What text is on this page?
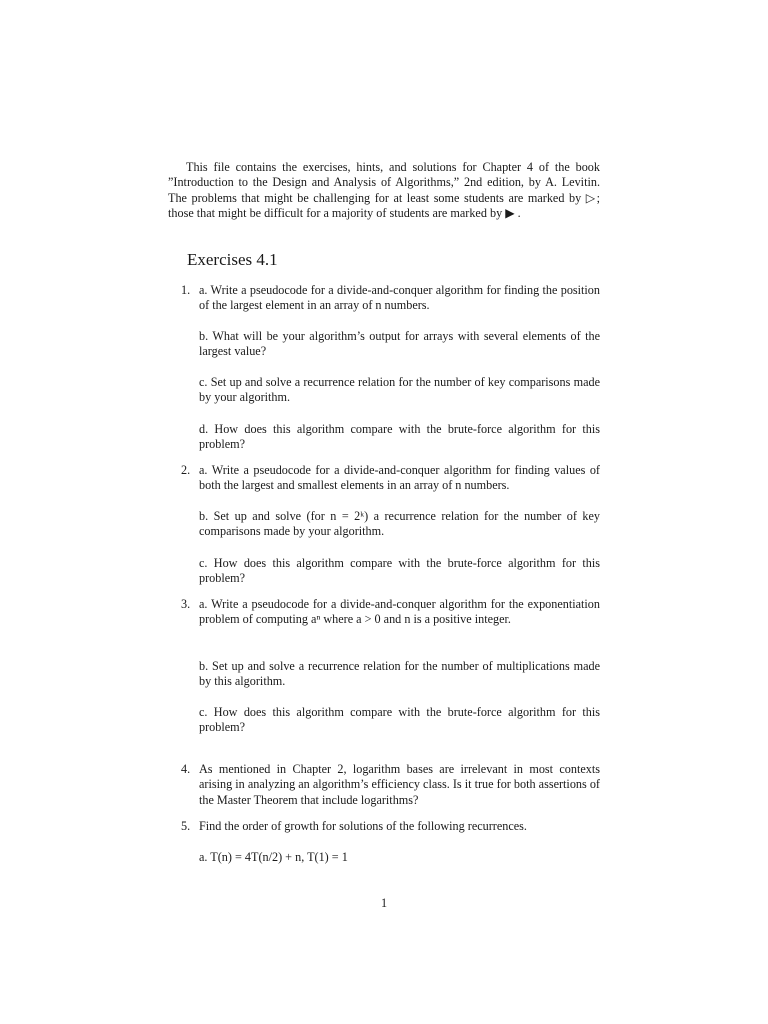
This file contains the exercises, hints, and solutions for Chapter 4 of the book ”Introduction to the Design and Analysis of Algorithms,” 2nd edition, by A. Levitin. The problems that might be challenging for at least some students are marked by ▷; those that might be difficult for a majority of students are marked by ▶ .

Exercises 4.1
1. a. Write a pseudocode for a divide-and-conquer algorithm for finding the position of the largest element in an array of n numbers.

b. What will be your algorithm’s output for arrays with several elements of the largest value?

c. Set up and solve a recurrence relation for the number of key comparisons made by your algorithm.

d. How does this algorithm compare with the brute-force algorithm for this problem?

2. a. Write a pseudocode for a divide-and-conquer algorithm for finding values of both the largest and smallest elements in an array of n numbers.

b. Set up and solve (for n = 2ᵏ) a recurrence relation for the number of key comparisons made by your algorithm.

c. How does this algorithm compare with the brute-force algorithm for this problem?

3. a. Write a pseudocode for a divide-and-conquer algorithm for the exponentiation problem of computing aⁿ where a > 0 and n is a positive integer.

b. Set up and solve a recurrence relation for the number of multiplications made by this algorithm.

c. How does this algorithm compare with the brute-force algorithm for this problem?

4. As mentioned in Chapter 2, logarithm bases are irrelevant in most contexts arising in analyzing an algorithm’s efficiency class. Is it true for both assertions of the Master Theorem that include logarithms?

5. Find the order of growth for solutions of the following recurrences.

a. T(n) = 4T(n/2) + n, T(1) = 1

1
